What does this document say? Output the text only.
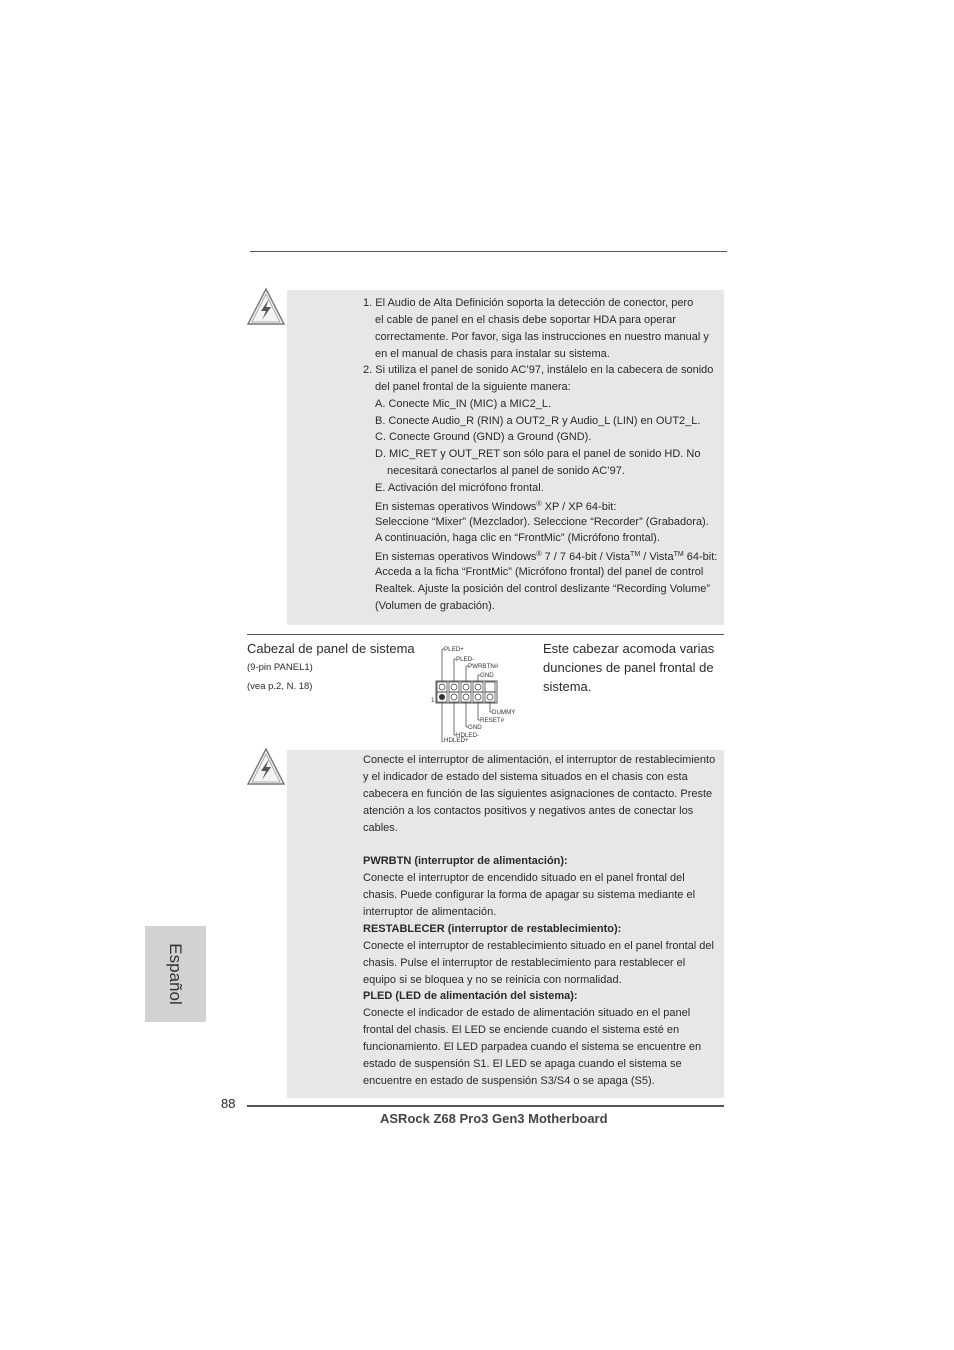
1. El Audio de Alta Definición soporta la detección de conector, pero
el cable de panel en el chasis debe soportar HDA para operar
correctamente. Por favor, siga las instrucciones en nuestro manual y
en el manual de chasis para instalar su sistema.
2. Si utiliza el panel de sonido AC’97, instálelo en la cabecera de sonido
del panel frontal de la siguiente manera:
A. Conecte Mic_IN (MIC) a MIC2_L.
B. Conecte Audio_R (RIN) a OUT2_R y Audio_L (LIN) en OUT2_L.
C. Conecte Ground (GND) a Ground (GND).
D. MIC_RET y OUT_RET son sólo para el panel de sonido HD. No
necesitará conectarlos al panel de sonido AC’97.
E. Activación del micrófono frontal.
En sistemas operativos Windows® XP / XP 64-bit:
Seleccione “Mixer” (Mezclador). Seleccione “Recorder” (Grabadora).
A continuación, haga clic en “FrontMic” (Micrófono frontal).
En sistemas operativos Windows® 7 / 7 64-bit / Vista™ / Vista™ 64-bit:
Acceda a la ficha “FrontMic” (Micrófono frontal) del panel de control
Realtek. Ajuste la posición del control deslizante “Recording Volume”
(Volumen de grabación).
Cabezal de panel de sistema
(9-pin PANEL1)
(vea p.2, N. 18)
Este cabezar acomoda varias
dunciones de panel frontal de
sistema.
PLED+
PLED-
PWRBTN#
GND
DUMMY
RESET#
GND
HDLED-
HDLED+
1
Conecte el interruptor de alimentación, el interruptor de restablecimiento
y el indicador de estado del sistema situados en el chasis con esta
cabecera en función de las siguientes asignaciones de contacto. Preste
atención a los contactos positivos y negativos antes de conectar los
cables.
PWRBTN (interruptor de alimentación):
Conecte el interruptor de encendido situado en el panel frontal del
chasis. Puede configurar la forma de apagar su sistema mediante el
interruptor de alimentación.
RESTABLECER (interruptor de restablecimiento):
Conecte el interruptor de restablecimiento situado en el panel frontal del
chasis. Pulse el interruptor de restablecimiento para restablecer el
equipo si se bloquea y no se reinicia con normalidad.
PLED (LED de alimentación del sistema):
Conecte el indicador de estado de alimentación situado en el panel
frontal del chasis. El LED se enciende cuando el sistema esté en
funcionamiento. El LED parpadea cuando el sistema se encuentre en
estado de suspensión S1. El LED se apaga cuando el sistema se
encuentre en estado de suspensión S3/S4 o se apaga (S5).
Español
88
ASRock Z68 Pro3 Gen3 Motherboard
